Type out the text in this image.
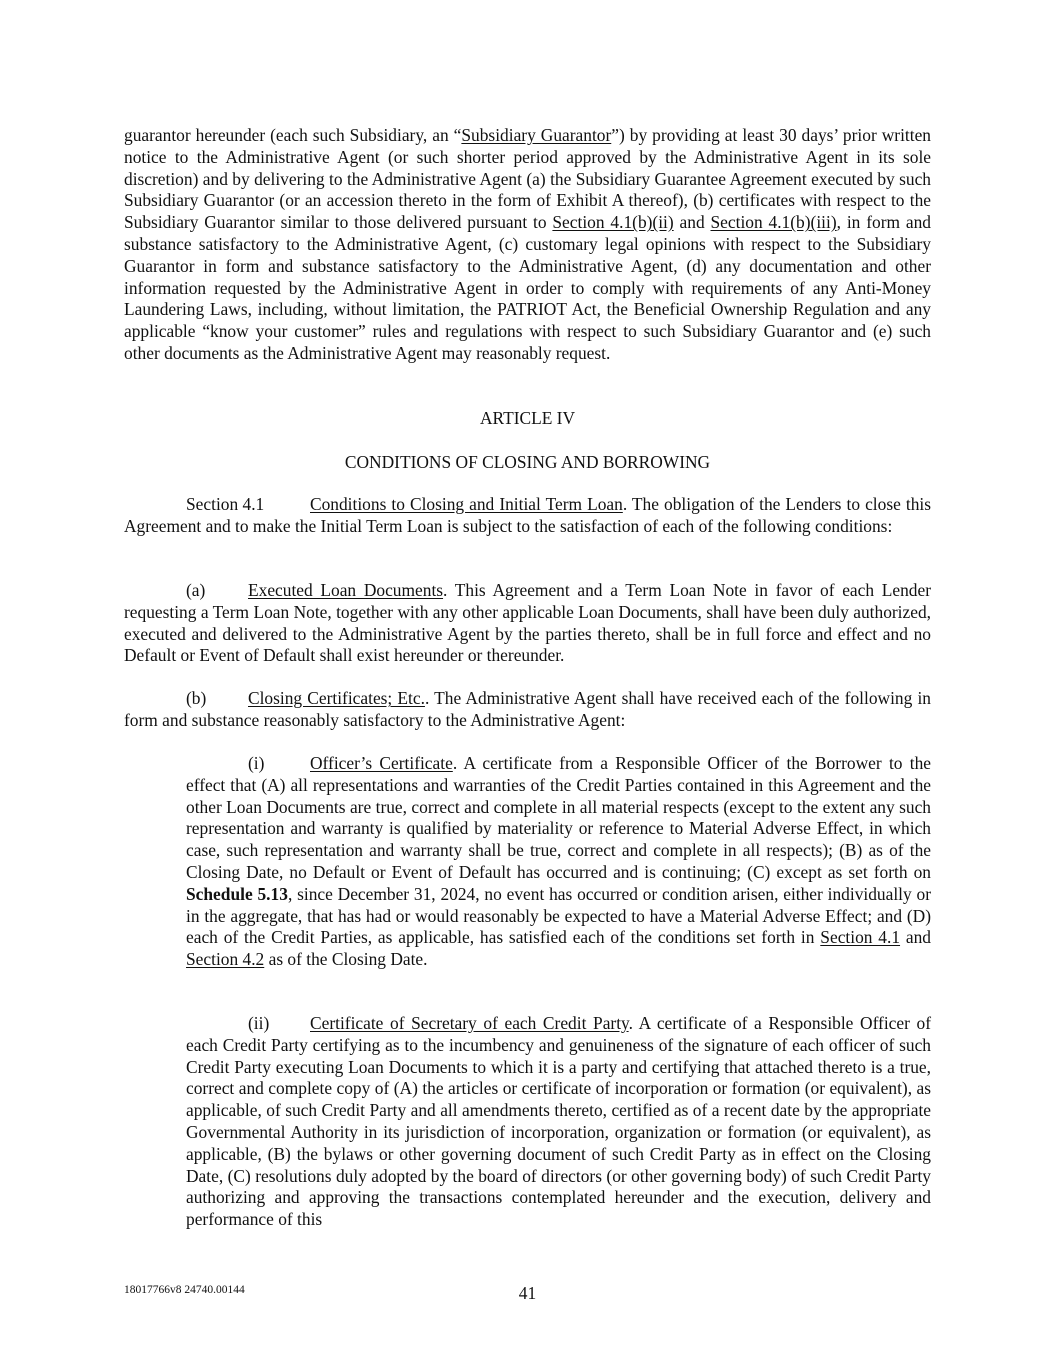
guarantor hereunder (each such Subsidiary, an “Subsidiary Guarantor”) by providing at least 30 days’ prior written notice to the Administrative Agent (or such shorter period approved by the Administrative Agent in its sole discretion) and by delivering to the Administrative Agent (a) the Subsidiary Guarantee Agreement executed by such Subsidiary Guarantor (or an accession thereto in the form of Exhibit A thereof), (b) certificates with respect to the Subsidiary Guarantor similar to those delivered pursuant to Section 4.1(b)(ii) and Section 4.1(b)(iii), in form and substance satisfactory to the Administrative Agent, (c) customary legal opinions with respect to the Subsidiary Guarantor in form and substance satisfactory to the Administrative Agent, (d) any documentation and other information requested by the Administrative Agent in order to comply with requirements of any Anti-Money Laundering Laws, including, without limitation, the PATRIOT Act, the Beneficial Ownership Regulation and any applicable “know your customer” rules and regulations with respect to such Subsidiary Guarantor and (e) such other documents as the Administrative Agent may reasonably request.

ARTICLE IV

CONDITIONS OF CLOSING AND BORROWING

Section 4.1	Conditions to Closing and Initial Term Loan. The obligation of the Lenders to close this Agreement and to make the Initial Term Loan is subject to the satisfaction of each of the following conditions:

(a) Executed Loan Documents. This Agreement and a Term Loan Note in favor of each Lender requesting a Term Loan Note, together with any other applicable Loan Documents, shall have been duly authorized, executed and delivered to the Administrative Agent by the parties thereto, shall be in full force and effect and no Default or Event of Default shall exist hereunder or thereunder.

(b) Closing Certificates; Etc.. The Administrative Agent shall have received each of the following in form and substance reasonably satisfactory to the Administrative Agent:

(i)	Officer’s Certificate. A certificate from a Responsible Officer of the Borrower to the effect that (A) all representations and warranties of the Credit Parties contained in this Agreement and the other Loan Documents are true, correct and complete in all material respects (except to the extent any such representation and warranty is qualified by materiality or reference to Material Adverse Effect, in which case, such representation and warranty shall be true, correct and complete in all respects); (B) as of the Closing Date, no Default or Event of Default has occurred and is continuing; (C) except as set forth on Schedule 5.13, since December 31, 2024, no event has occurred or condition arisen, either individually or in the aggregate, that has had or would reasonably be expected to have a Material Adverse Effect; and (D) each of the Credit Parties, as applicable, has satisfied each of the conditions set forth in Section 4.1 and Section 4.2 as of the Closing Date.

(ii) Certificate of Secretary of each Credit Party. A certificate of a Responsible Officer of each Credit Party certifying as to the incumbency and genuineness of the signature of each officer of such Credit Party executing Loan Documents to which it is a party and certifying that attached thereto is a true, correct and complete copy of (A) the articles or certificate of incorporation or formation (or equivalent), as applicable, of such Credit Party and all amendments thereto, certified as of a recent date by the appropriate Governmental Authority in its jurisdiction of incorporation, organization or formation (or equivalent), as applicable, (B) the bylaws or other governing document of such Credit Party as in effect on the Closing Date, (C) resolutions duly adopted by the board of directors (or other governing body) of such Credit Party authorizing and approving the transactions contemplated hereunder and the execution, delivery and performance of this

18017766v8 24740.00144	41
